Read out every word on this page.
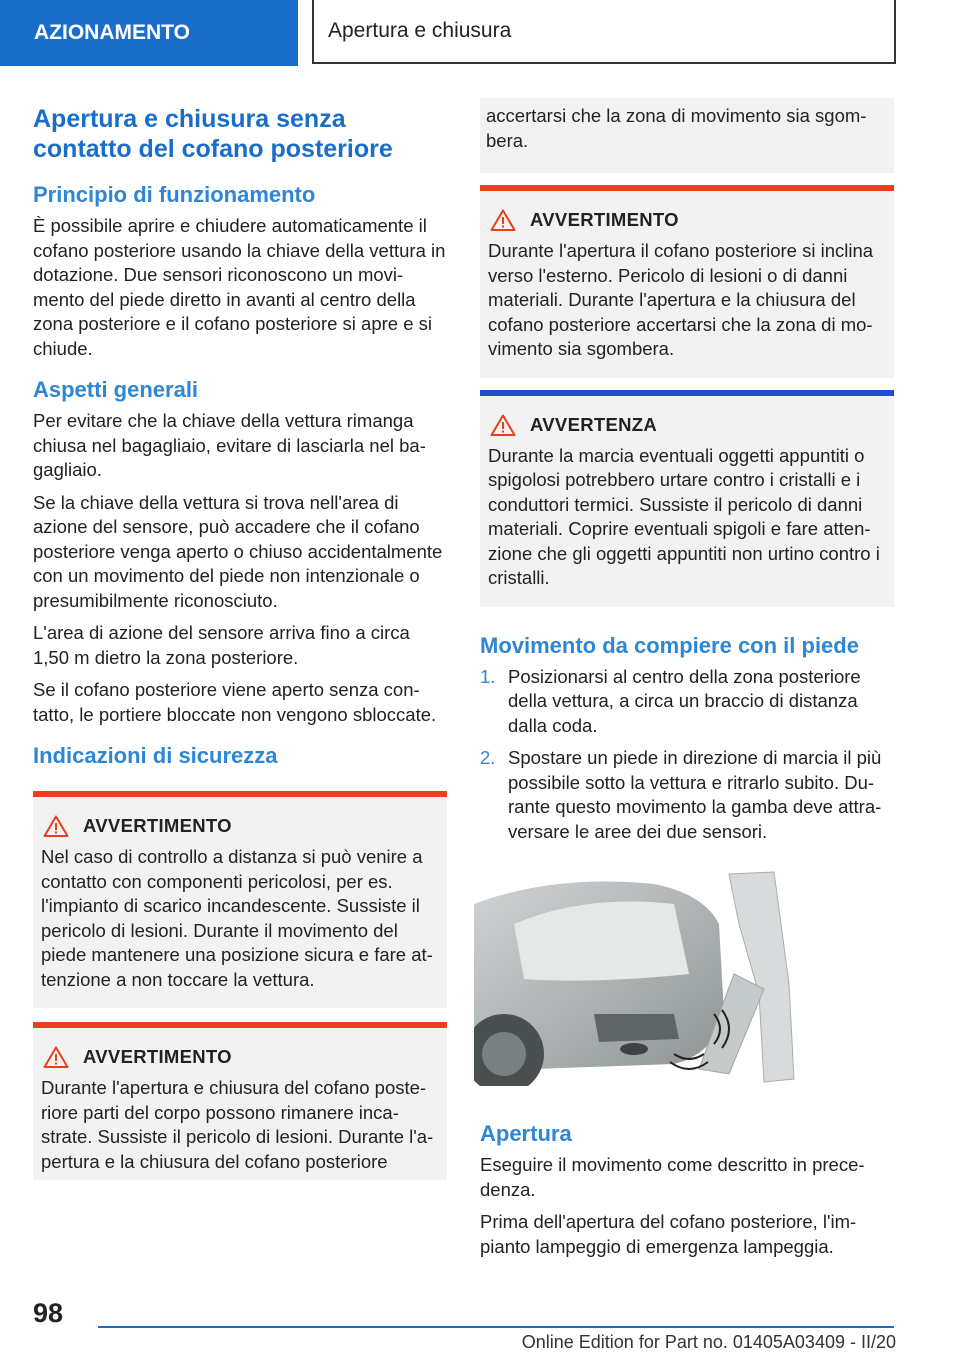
AZIONAMENTO	Apertura e chiusura
Apertura e chiusura senza contatto del cofano posteriore
Principio di funzionamento

È possibile aprire e chiudere automaticamente il cofano posteriore usando la chiave della vettura in dotazione. Due sensori riconoscono un movimento del piede diretto in avanti al centro della zona posteriore e il cofano posteriore si apre e si chiude.

Aspetti generali

Per evitare che la chiave della vettura rimanga chiusa nel bagagliaio, evitare di lasciarla nel bagagliaio.

Se la chiave della vettura si trova nell'area di azione del sensore, può accadere che il cofano posteriore venga aperto o chiuso accidentalmente con un movimento del piede non intenzionale o presumibilmente riconosciuto.

L'area di azione del sensore arriva fino a circa 1,50 m dietro la zona posteriore.

Se il cofano posteriore viene aperto senza contatto, le portiere bloccate non vengono sbloccate.

Indicazioni di sicurezza
AVVERTIMENTO

Nel caso di controllo a distanza si può venire a contatto con componenti pericolosi, per es. l'impianto di scarico incandescente. Sussiste il pericolo di lesioni. Durante il movimento del piede mantenere una posizione sicura e fare attenzione a non toccare la vettura.

AVVERTIMENTO

Durante l'apertura e chiusura del cofano posteriore parti del corpo possono rimanere incastrate. Sussiste il pericolo di lesioni. Durante l'apertura e la chiusura del cofano posteriore

accertarsi che la zona di movimento sia sgombera.

AVVERTIMENTO

Durante l'apertura il cofano posteriore si inclina verso l'esterno. Pericolo di lesioni o di danni materiali. Durante l'apertura e la chiusura del cofano posteriore accertarsi che la zona di movimento sia sgombera.

AVVERTENZA

Durante la marcia eventuali oggetti appuntiti o spigolosi potrebbero urtare contro i cristalli e i conduttori termici. Sussiste il pericolo di danni materiali. Coprire eventuali spigoli e fare attenzione che gli oggetti appuntiti non urtino contro i cristalli.

Movimento da compiere con il piede
1. Posizionarsi al centro della zona posteriore della vettura, a circa un braccio di distanza dalla coda.
2. Spostare un piede in direzione di marcia il più possibile sotto la vettura e ritrarlo subito. Durante questo movimento la gamba deve attraversare le aree dei due sensori.
Apertura

Eseguire il movimento come descritto in precedenza.

Prima dell'apertura del cofano posteriore, l'impianto lampeggio di emergenza lampeggia.

98
Online Edition for Part no. 01405A03409 - II/20
